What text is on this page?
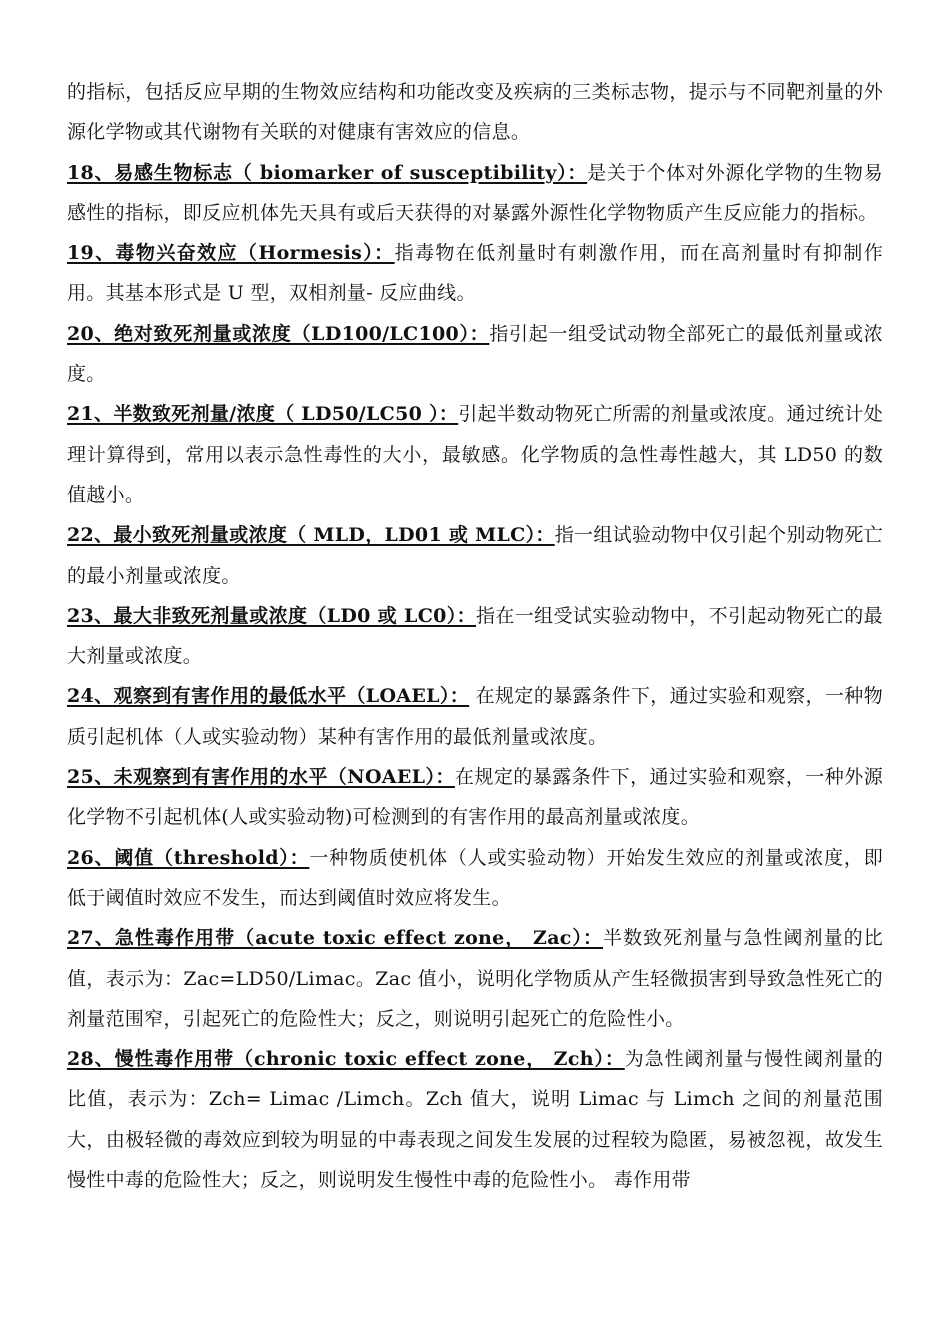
的指标，包括反应早期的生物效应结构和功能改变及疾病的三类标志物，提示与不同靶剂量的外源化学物或其代谢物有关联的对健康有害效应的信息。

18、易感生物标志（ biomarker of susceptibility）：是关于个体对外源化学物的生物易感性的指标，即反应机体先天具有或后天获得的对暴露外源性化学物物质产生反应能力的指标。

19、毒物兴奋效应（Hormesis）：指毒物在低剂量时有刺激作用，而在高剂量时有抑制作用。其基本形式是 U 型，双相剂量- 反应曲线。

20、绝对致死剂量或浓度（LD100/LC100）：指引起一组受试动物全部死亡的最低剂量或浓度。

21、半数致死剂量/浓度（ LD50/LC50 ）：引起半数动物死亡所需的剂量或浓度。通过统计处理计算得到，常用以表示急性毒性的大小，最敏感。化学物质的急性毒性越大，其 LD50 的数值越小。

22、最小致死剂量或浓度（ MLD，LD01 或 MLC）：指一组试验动物中仅引起个别动物死亡的最小剂量或浓度。

23、最大非致死剂量或浓度（LD0 或 LC0）：指在一组受试实验动物中，不引起动物死亡的最大剂量或浓度。

24、观察到有害作用的最低水平（LOAEL）： 在规定的暴露条件下，通过实验和观察，一种物质引起机体（人或实验动物）某种有害作用的最低剂量或浓度。

25、未观察到有害作用的水平（NOAEL）：在规定的暴露条件下，通过实验和观察，一种外源化学物不引起机体(人或实验动物)可检测到的有害作用的最高剂量或浓度。

26、阈值（threshold）：一种物质使机体（人或实验动物）开始发生效应的剂量或浓度，即低于阈值时效应不发生，而达到阈值时效应将发生。

27、急性毒作用带（acute toxic effect zone， Zac）：半数致死剂量与急性阈剂量的比值，表示为：Zac=LD50/Limac。Zac 值小，说明化学物质从产生轻微损害到导致急性死亡的剂量范围窄，引起死亡的危险性大；反之，则说明引起死亡的危险性小。

28、慢性毒作用带（chronic toxic effect zone， Zch）：为急性阈剂量与慢性阈剂量的比值，表示为：Zch= Limac /Limch。Zch 值大，说明 Limac 与 Limch 之间的剂量范围大，由极轻微的毒效应到较为明显的中毒表现之间发生发展的过程较为隐匿，易被忽视，故发生慢性中毒的危险性大；反之，则说明发生慢性中毒的危险性小。 毒作用带
